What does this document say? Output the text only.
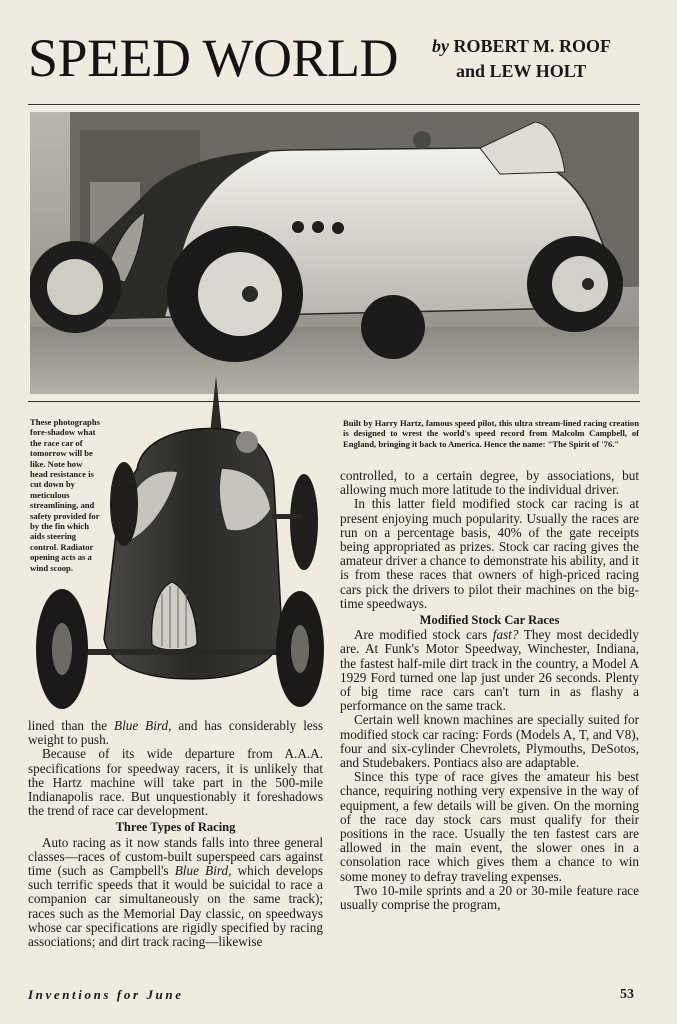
SPEED WORLD by ROBERT M. ROOF
and LEW HOLT
These photographs fore-shadow what the race car of tomorrow will be like. Note how head resistance is cut down by meticulous streamlining, and safety provided for by the fin which aids steering control. Radiator opening acts as a wind scoop.
Built by Harry Hartz, famous speed pilot, this ultra stream-lined racing creation is designed to wrest the world's speed record from Malcolm Campbell, of England, bringing it back to America. Hence the name: "The Spirit of '76."

lined than the Blue Bird, and has considerably less weight to push.

Because of its wide departure from A.A.A. specifications for speedway racers, it is unlikely that the Hartz machine will take part in the 500-mile Indianapolis race. But unquestionably it foreshadows the trend of race car development.

Three Types of Racing

Auto racing as it now stands falls into three general classes—races of custom-built superspeed cars against time (such as Campbell's Blue Bird, which develops such terrific speeds that it would be suicidal to race a companion car simultaneously on the same track); races such as the Memorial Day classic, on speedways whose car specifications are rigidly specified by racing associations; and dirt track racing—likewise

controlled, to a certain degree, by associations, but allowing much more latitude to the individual driver.

In this latter field modified stock car racing is at present enjoying much popularity. Usually the races are run on a percentage basis, 40% of the gate receipts being appropriated as prizes. Stock car racing gives the amateur driver a chance to demonstrate his ability, and it is from these races that owners of high-priced racing cars pick the drivers to pilot their machines on the big-time speedways.

Modified Stock Car Races

Are modified stock cars fast? They most decidedly are. At Funk's Motor Speedway, Winchester, Indiana, the fastest half-mile dirt track in the country, a Model A 1929 Ford turned one lap just under 26 seconds. Plenty of big time race cars can't turn in as flashy a performance on the same track.

Certain well known machines are specially suited for modified stock car racing: Fords (Models A, T, and V8), four and six-cylinder Chevrolets, Plymouths, DeSotos, and Studebakers. Pontiacs also are adaptable.

Since this type of race gives the amateur his best chance, requiring nothing very expensive in the way of equipment, a few details will be given. On the morning of the race day stock cars must qualify for their positions in the race. Usually the ten fastest cars are allowed in the main event, the slower ones in a consolation race which gives them a chance to win some money to defray traveling expenses.

Two 10-mile sprints and a 20 or 30-mile feature race usually comprise the program,

Inventions for June	53
